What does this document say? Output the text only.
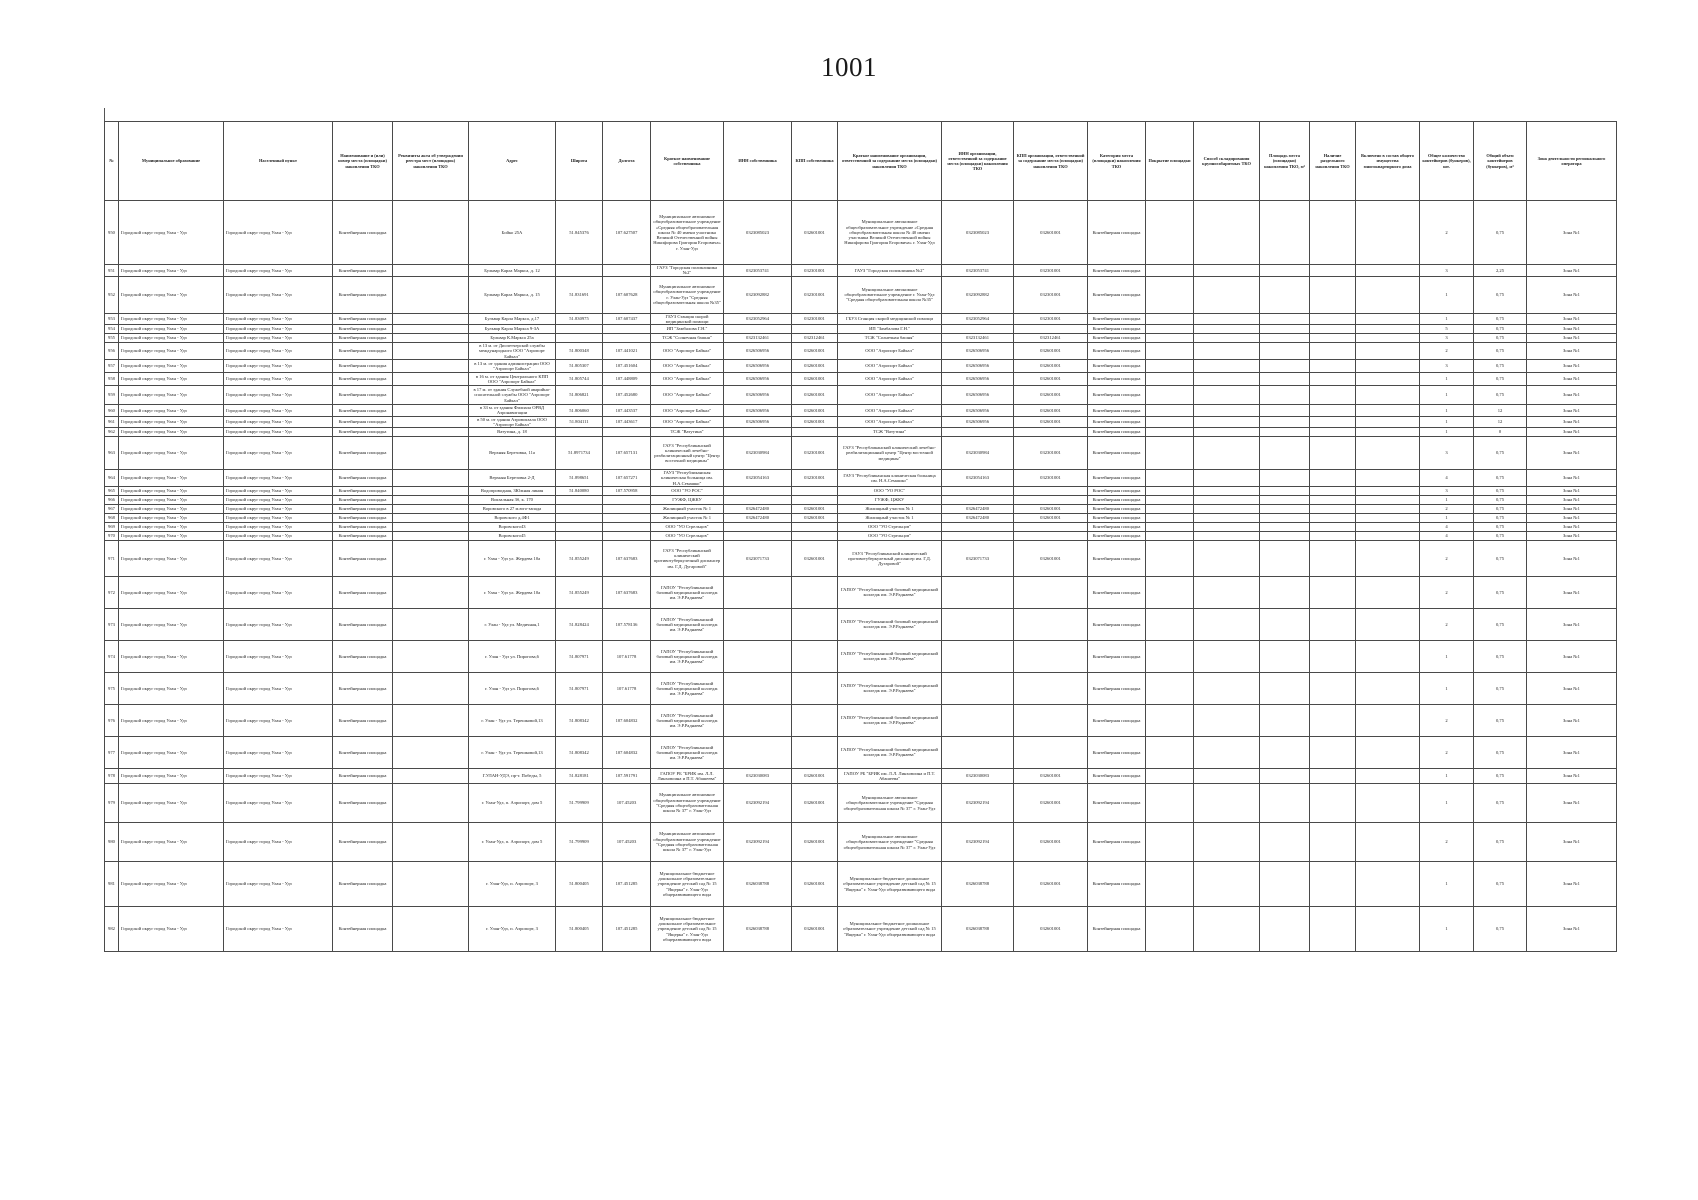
1001
№	Муниципальное образование	Населенный пункт	Наименование и (или) номер места (площадки) накопления ТКО	Реквизиты акта об утверждении реестра мест (площадок) накопления ТКО	Адрес	Широта	Долгота	Краткое наименование собственника	ИНН собственника	КПП собственника	Краткое наименование организации, ответственной за содержание места (площадки) накопления ТКО	ИНН организации, ответственной за содержание места (площадки) накопления ТКО	КПП организации, ответственной за содержание места (площадки) накопления ТКО	Категория места (площадки) накопления ТКО	Покрытие площадки	Способ складирования крупногабаритных ТКО	Площадь места (площадки) накопления ТКО, м²	Наличие раздельного накопления ТКО	Включено в состав общего имущества многоквартирного дома	Общее количество контейнеров (бункеров), шт.	Общий объем контейнеров (бункеров), м³	Зона деятельности регионального оператора
950	Городской округ город Улан - Удэ	Городской округ город Улан - Удэ	Контейнерная площадка		Бойко 25А	51.845376	107.627507	Муниципальное автономное общеобразовательное учреждение «Средняя общеобразовательная школа № 40 имени участника Великой Отечественной войны Никифорова Григория Егоровича» г. Улан-Удэ	0323085023	032601001	Муниципальное автономное общеобразовательное учреждение «Средняя общеобразовательная школа № 40 имени участника Великой Отечественной войны Никифорова Григория Егоровича» г. Улан-Удэ	0323085023	032601001	Контейнерная площадка						2	0,75	Зона №1
951	Городской округ город Улан - Удэ	Городской округ город Улан - Удэ	Контейнерная площадка		Бульвар Карла Маркса, д. 12			ГАУЗ "Городская поликлиника №2"	0323053741	032301001	ГАУЗ "Городская поликлиника №2"	0323053741	032301001	Контейнерная площадка						3	2,25	Зона №1
952	Городской округ город Улан - Удэ	Городской округ город Улан - Удэ	Контейнерная площадка		Бульвар Карла Маркса, д. 15	51.831691	107.607628	Муниципальное автономное общеобразовательное учреждение г. Улан-Удэ "Средняя общеобразовательная школа №35"	0323092882	032301001	Муниципальное автономное общеобразовательное учреждение г. Улан-Удэ "Средняя общеобразовательная школа №35"	0323092882	032301001	Контейнерная площадка						1	0,75	Зона №1
953	Городской округ город Улан - Удэ	Городской округ город Улан - Удэ	Контейнерная площадка		Бульвар Карла Маркса, д.17	51.830975	107.607437	ГБУЗ Станция скорой медицинской помощи	0323052964	032301001	ГБУЗ Станция скорой медицинской помощи	0323052964	032301001	Контейнерная площадка						1	0,75	Зона №1
954	Городской округ город Улан - Удэ	Городской округ город Улан - Удэ	Контейнерная площадка		Бульвар Карла Маркса 9-3А			ИП "Замбалова Г.Н."			ИП "Замбалова Г.Н."			Контейнерная площадка						5	0,75	Зона №1
955	Городской округ город Улан - Удэ	Городской округ город Улан - Удэ	Контейнерная площадка		Бульвар К.Маркса 25а			ТСЖ "Солнечная башня"	0323132461	032312461	ТСЖ "Солнечная башня"	0323132461	032312461	Контейнерная площадка						3	0,75	Зона №1
956	Городской округ город Улан - Удэ	Городской округ город Улан - Удэ	Контейнерная площадка		в 13 м. от Диспетчерской службы международного ООО "Аэропорт Байкал"	51.800348	107.441021	ООО "Аэропорт Байкал"	0326506956	032601001	ООО "Аэропорт Байкал"	0326506956	032601001	Контейнерная площадка						2	0,75	Зона №1
957	Городской округ город Улан - Удэ	Городской округ город Улан - Удэ	Контейнерная площадка		в 13 м. от здания администрации ООО "Аэропорт Байкал"	51.805307	107.451604	ООО "Аэропорт Байкал"	0326506956	032601001	ООО "Аэропорт Байкал"	0326506956	032601001	Контейнерная площадка						3	0,75	Зона №1
958	Городской округ город Улан - Удэ	Городской округ город Улан - Удэ	Контейнерная площадка		в 16 м. от здания Центрального КПП ООО "Аэропорт Байкал"	51.805744	107.448809	ООО "Аэропорт Байкал"	0326506956	032601001	ООО "Аэропорт Байкал"	0326506956	032601001	Контейнерная площадка						1	0,75	Зона №1
959	Городской округ город Улан - Удэ	Городской округ город Улан - Удэ	Контейнерная площадка		в 17 м. от здания Служебной аварийно-спасательной службы ООО "Аэропорт Байкал"	51.806821	107.452680	ООО "Аэропорт Байкал"	0326506956	032601001	ООО "Аэропорт Байкал"	0326506956	032601001	Контейнерная площадка						1	0,75	Зона №1
960	Городской округ город Улан - Удэ	Городской округ город Улан - Удэ	Контейнерная площадка		в 33 м. от здания Филиала ОРВД Аэронавигации	51.806060	107.443537	ООО "Аэропорт Байкал"	0326506956	032601001	ООО "Аэропорт Байкал"	0326506956	032601001	Контейнерная площадка						1	12	Зона №1
961	Городской округ город Улан - Удэ	Городской округ город Улан - Удэ	Контейнерная площадка		в 50 м. от здания Аэровокзала ООО "Аэропорт Байкал"	51.804111	107.443617	ООО "Аэропорт Байкал"	0326506956	032601001	ООО "Аэропорт Байкал"	0326506956	032601001	Контейнерная площадка						1	12	Зона №1
962	Городской округ город Улан - Удэ	Городской округ город Улан - Удэ	Контейнерная площадка		Ватутина, д. 18			ТСЖ "Ватутина"			ТСЖ "Ватутина"			Контейнерная площадка						1	0	Зона №1
963	Городской округ город Улан - Удэ	Городской округ город Улан - Удэ	Контейнерная площадка		Верхняя Березовка, 11а	51.8971734	107.657131	ГАУЗ "Республиканский клинический лечебно-реабилитационный центр "Центр восточной медицины"	0323030984	032301001	ГАУЗ "Республиканский клинический лечебно-реабилитационный центр "Центр восточной медицины"	0323030984	032301001	Контейнерная площадка						3	0,75	Зона №1
964	Городской округ город Улан - Удэ	Городской округ город Улан - Удэ	Контейнерная площадка		Верхняя Березовка 2-Д	51.898651	107.657271	ГАУЗ "Республиканская клиническая больница им. Н.А.Семашко"	0323054163	032301001	ГАУЗ "Республиканская клиническая больница им. Н.А.Семашко"	0323054163	032301001	Контейнерная площадка						4	0,75	Зона №1
965	Городской округ город Улан - Удэ	Городской округ город Улан - Удэ	Контейнерная площадка		Водопроводная, 3Южная линия	51.840080	107.570958	ООО "УО РОС"			ООО "УО РОС"			Контейнерная площадка						3	0,75	Зона №1
966	Городской округ город Улан - Удэ	Городской округ город Улан - Удэ	Контейнерная площадка		Вокзальная 3б, к. 170			ГУЖФ, ЦЖКУ			ГУЖФ, ЦЖКУ			Контейнерная площадка						1	0,75	Зона №1
967	Городской округ город Улан - Удэ	Городской округ город Улан - Удэ	Контейнерная площадка		Воровского в 27 м.юго-запада			Жилищный участок № 1	0326472480	032601001	Жилищный участок № 1	0326472480	032601001	Контейнерная площадка						2	0,75	Зона №1
968	Городской округ город Улан - Удэ	Городской округ город Улан - Удэ	Контейнерная площадка		Воровского д.4Ф1			Жилищный участок № 1	0326472480	032601001	Жилищный участок № 1	0326472480	032601001	Контейнерная площадка						1	0,75	Зона №1
969	Городской округ город Улан - Удэ	Городской округ город Улан - Удэ	Контейнерная площадка		Воровского43			ООО "УО Стрельцов"			ООО "УО Стрельцов"			Контейнерная площадка						4	0,75	Зона №1
970	Городской округ город Улан - Удэ	Городской округ город Улан - Удэ	Контейнерная площадка		Воровского45			ООО "УО Стрельцов"			ООО "УО Стрельцов"			Контейнерная площадка						4	0,75	Зона №1
971	Городской округ город Улан - Удэ	Городской округ город Улан - Удэ	Контейнерная площадка		г. Улан - Удэ ул. Жердева 10а	51.855249	107.637683	ГАУЗ "Республиканский клинический противотуберкулезный диспансер им. Г.Д. Дугаровой"	0323071733	032601001	ГАУЗ "Республиканский клинический противотуберкулезный диспансер им. Г.Д. Дугаровой"	0323071733	032601001	Контейнерная площадка						2	0,75	Зона №1
972	Городской округ город Улан - Удэ	Городской округ город Улан - Удэ	Контейнерная площадка		г. Улан - Удэ ул. Жердева 10а	51.855249	107.637683	ГАПОУ "Республиканский базовый медицинский колледж им. Э.Р.Раднаева"			ГАПОУ "Республиканский базовый медицинский колледж им. Э.Р.Раднаева"			Контейнерная площадка						2	0,75	Зона №1
973	Городской округ город Улан - Удэ	Городской округ город Улан - Удэ	Контейнерная площадка		г. Улан - Удэ ул. Медичная,1	51.828424	107.578136	ГАПОУ "Республиканский базовый медицинский колледж им. Э.Р.Раднаева"			ГАПОУ "Республиканский базовый медицинский колледж им. Э.Р.Раднаева"			Контейнерная площадка						2	0,75	Зона №1
974	Городской округ город Улан - Удэ	Городской округ город Улан - Удэ	Контейнерная площадка		г. Улан - Удэ ул. Пирогова,6	51.807971	107.61778	ГАПОУ "Республиканский базовый медицинский колледж им. Э.Р.Раднаева"			ГАПОУ "Республиканский базовый медицинский колледж им. Э.Р.Раднаева"			Контейнерная площадка						1	0,75	Зона №1
975	Городской округ город Улан - Удэ	Городской округ город Улан - Удэ	Контейнерная площадка		г. Улан - Удэ ул. Пирогова,6	51.807971	107.61778	ГАПОУ "Республиканский базовый медицинский колледж им. Э.Р.Раднаева"			ГАПОУ "Республиканский базовый медицинский колледж им. Э.Р.Раднаева"			Контейнерная площадка						1	0,75	Зона №1
976	Городской округ город Улан - Удэ	Городской округ город Улан - Удэ	Контейнерная площадка		г. Улан - Удэ ул. Терешковой,13	51.808342	107.604832	ГАПОУ "Республиканский базовый медицинский колледж им. Э.Р.Раднаева"			ГАПОУ "Республиканский базовый медицинский колледж им. Э.Р.Раднаева"			Контейнерная площадка						2	0,75	Зона №1
977	Городской округ город Улан - Удэ	Городской округ город Улан - Удэ	Контейнерная площадка		г. Улан - Удэ ул. Терешковой,13	51.808342	107.604832	ГАПОУ "Республиканский базовый медицинский колледж им. Э.Р.Раднаева"			ГАПОУ "Республиканский базовый медицинский колледж им. Э.Р.Раднаева"			Контейнерная площадка						2	0,75	Зона №1
978	Городской округ город Улан - Удэ	Городской округ город Улан - Удэ	Контейнерная площадка		Г.УЛАН-УДЭ, пр-т. Победы, 5	51.828181	107.591791	ГАПОУ РБ "БРИК им. Л.Л. Линховоина и П.Т. Абашеева"	0323030083	032601001	ГАПОУ РБ "БРИК им. Л.Л. Линховоина и П.Т. Абашеева"	0323030083	032601001	Контейнерная площадка						1	0,75	Зона №1
979	Городской округ город Улан - Удэ	Городской округ город Улан - Удэ	Контейнерная площадка		г. Улан-Удэ, п. Аэропорт, дом 5	51.799909	107.45203	Муниципальное автономное общеобразовательное учреждение "Средняя общеобразовательная школа № 37" г. Улан-Удэ	0323092194	032601001	Муниципальное автономное общеобразовательное учреждение "Средняя общеобразовательная школа № 37" г. Улан-Удэ	0323092194	032601001	Контейнерная площадка						1	0,75	Зона №1
980	Городской округ город Улан - Удэ	Городской округ город Улан - Удэ	Контейнерная площадка		г. Улан-Удэ, п. Аэропорт, дом 5	51.799909	107.45203	Муниципальное автономное общеобразовательное учреждение "Средняя общеобразовательная школа № 37" г. Улан-Удэ	0323092194	032601001	Муниципальное автономное общеобразовательное учреждение "Средняя общеобразовательная школа № 37" г. Улан-Удэ	0323092194	032601001	Контейнерная площадка						2	0,75	Зона №1
981	Городской округ город Улан - Удэ	Городской округ город Улан - Удэ	Контейнерная площадка		г. Улан-Удэ, п. Аэропорт, 3	51.800405	107.451285	Муниципальное бюджетное дошкольное образовательное учреждение детский сад № 15 "Ящерка" г. Улан-Удэ общеразвивающего вида	0326038788	032601001	Муниципальное бюджетное дошкольное образовательное учреждение детский сад № 15 "Ящерка" г. Улан-Удэ общеразвивающего вида	0326038788	032601001	Контейнерная площадка						1	0,75	Зона №1
982	Городской округ город Улан - Удэ	Городской округ город Улан - Удэ	Контейнерная площадка		г. Улан-Удэ, п. Аэропорт, 3	51.800405	107.451285	Муниципальное бюджетное дошкольное образовательное учреждение детский сад № 15 "Ящерка" г. Улан-Удэ общеразвивающего вида	0326038788	032601001	Муниципальное бюджетное дошкольное образовательное учреждение детский сад № 15 "Ящерка" г. Улан-Удэ общеразвивающего вида	0326038788	032601001	Контейнерная площадка						1	0,75	Зона №1
